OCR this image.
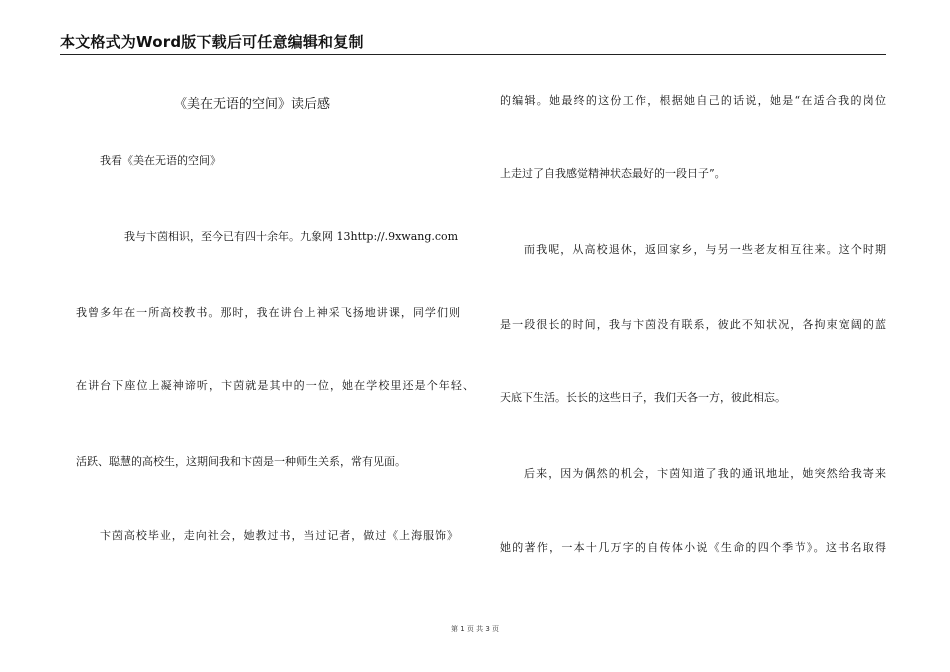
本文格式为Word版下载后可任意编辑和复制
《美在无语的空间》读后感
我看《美在无语的空间》
我与卞茵相识，至今已有四十余年。九象网 13http://.9xwang.com
我曾多年在一所高校教书。那时，我在讲台上神采飞扬地讲课，同学们则
在讲台下座位上凝神谛听，卞茵就是其中的一位，她在学校里还是个年轻、
活跃、聪慧的高校生，这期间我和卞茵是一种师生关系，常有见面。
卞茵高校毕业，走向社会，她教过书，当过记者，做过《上海服饰》
的编辑。她最终的这份工作，根据她自己的话说，她是“在适合我的岗位
上走过了自我感觉精神状态最好的一段日子”。
而我呢，从高校退休，返回家乡，与另一些老友相互往来。这个时期
是一段很长的时间，我与卞茵没有联系，彼此不知状况，各拘束宽阔的蓝
天底下生活。长长的这些日子，我们天各一方，彼此相忘。
后来，因为偶然的机会，卞茵知道了我的通讯地址，她突然给我寄来
她的著作，一本十几万字的自传体小说《生命的四个季节》。这书名取得
第 1 页 共 3 页
